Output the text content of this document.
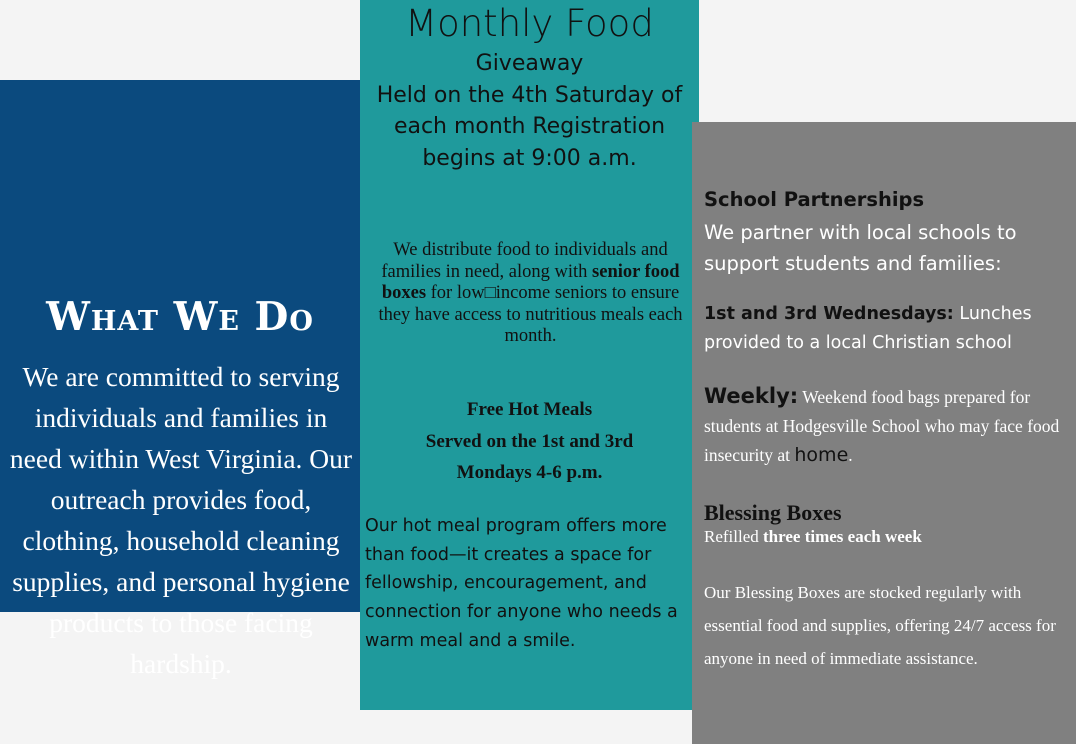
What We Do

We are committed to serving individuals and families in need within West Virginia. Our outreach provides food, clothing, household cleaning supplies, and personal hygiene products to those facing hardship.

Monthly Food
Giveaway
Held on the 4th Saturday of
each month Registration
begins at 9:00 a.m.
We distribute food to individuals and families in need, along with senior food boxes for low□income seniors to ensure they have access to nutritious meals each month.
Free Hot Meals
Served on the 1st and 3rd
Mondays 4-6 p.m.
Our hot meal program offers more than food—it creates a space for fellowship, encouragement, and connection for anyone who needs a warm meal and a smile.
School Partnerships
We partner with local schools to support students and families:
1st and 3rd Wednesdays: Lunches provided to a local Christian school
Weekly: Weekend food bags prepared for students at Hodgesville School who may face food insecurity at home.
Blessing Boxes
Refilled three times each week
Our Blessing Boxes are stocked regularly with essential food and supplies, offering 24/7 access for anyone in need of immediate assistance.
